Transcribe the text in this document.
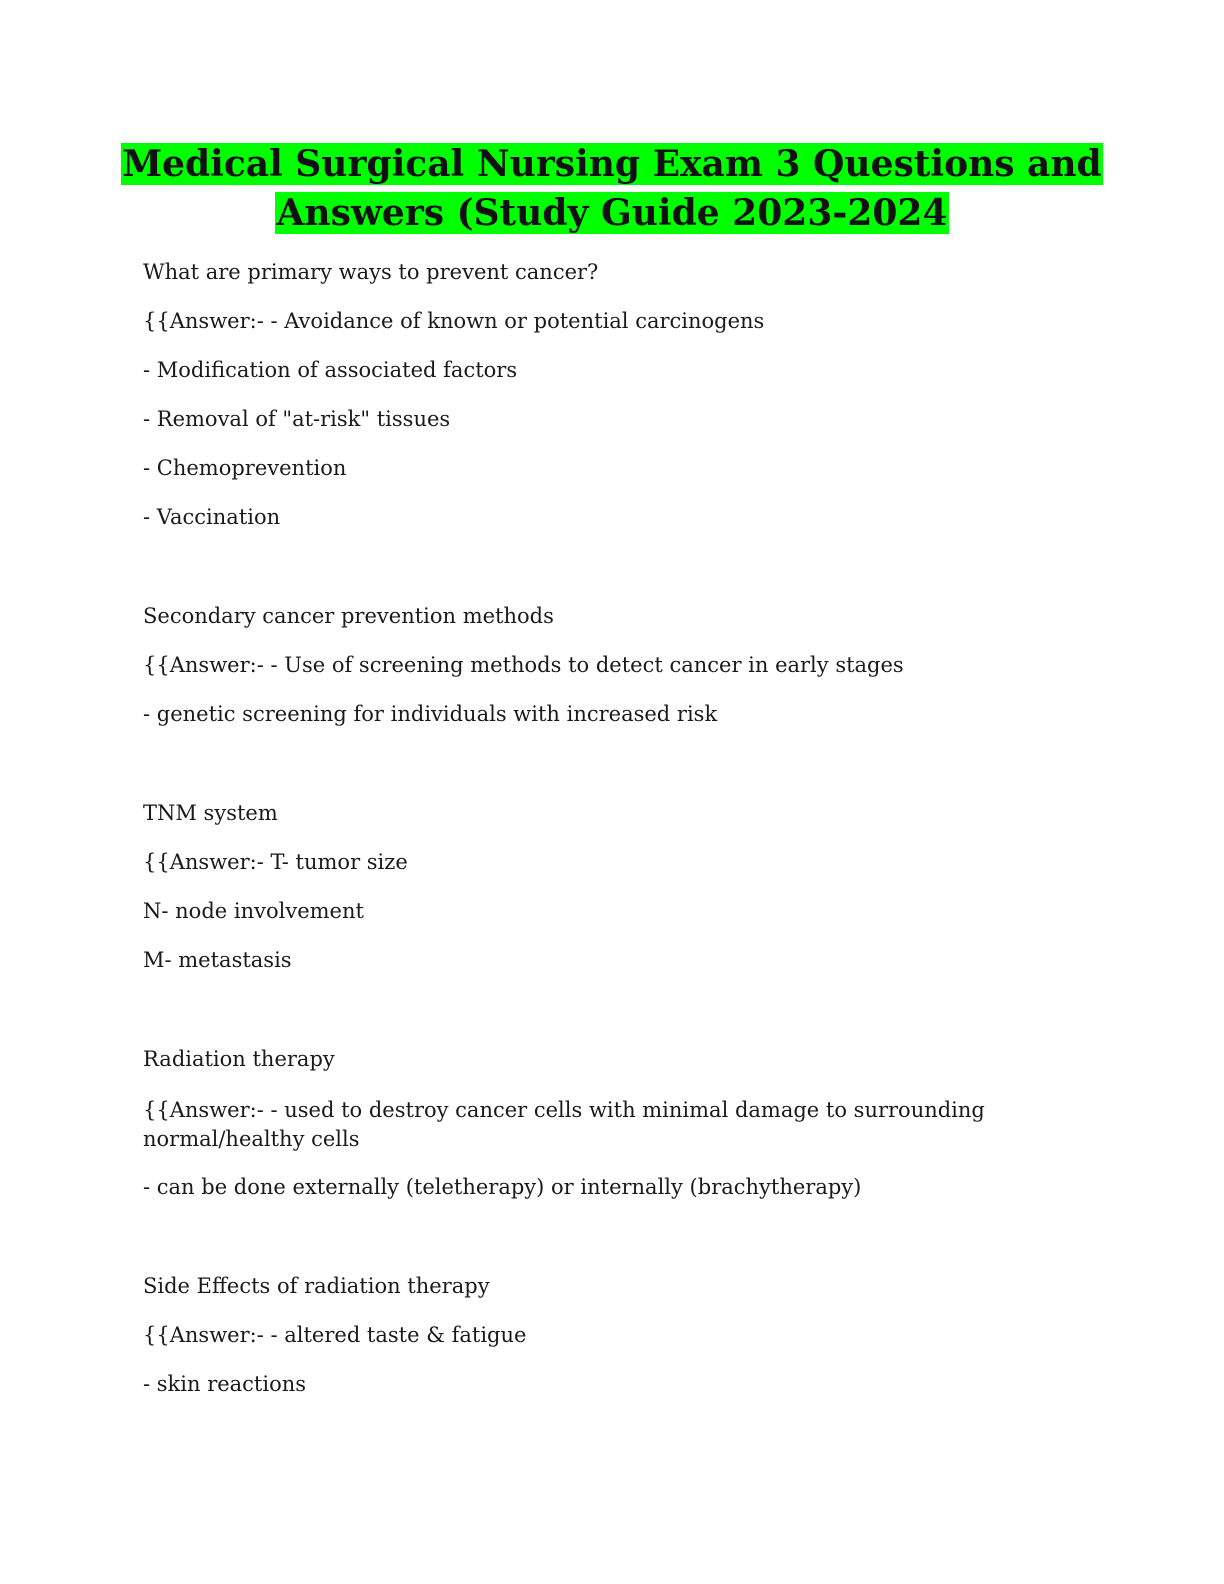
Medical Surgical Nursing Exam 3 Questions and
Answers (Study Guide 2023-2024
What are primary ways to prevent cancer?
{{Answer:- - Avoidance of known or potential carcinogens
- Modification of associated factors
- Removal of "at-risk" tissues
- Chemoprevention
- Vaccination
Secondary cancer prevention methods
{{Answer:- - Use of screening methods to detect cancer in early stages
- genetic screening for individuals with increased risk
TNM system
{{Answer:- T- tumor size
N- node involvement
M- metastasis
Radiation therapy
{{Answer:- - used to destroy cancer cells with minimal damage to surrounding normal/healthy cells
- can be done externally (teletherapy) or internally (brachytherapy)
Side Effects of radiation therapy
{{Answer:- - altered taste & fatigue
- skin reactions
